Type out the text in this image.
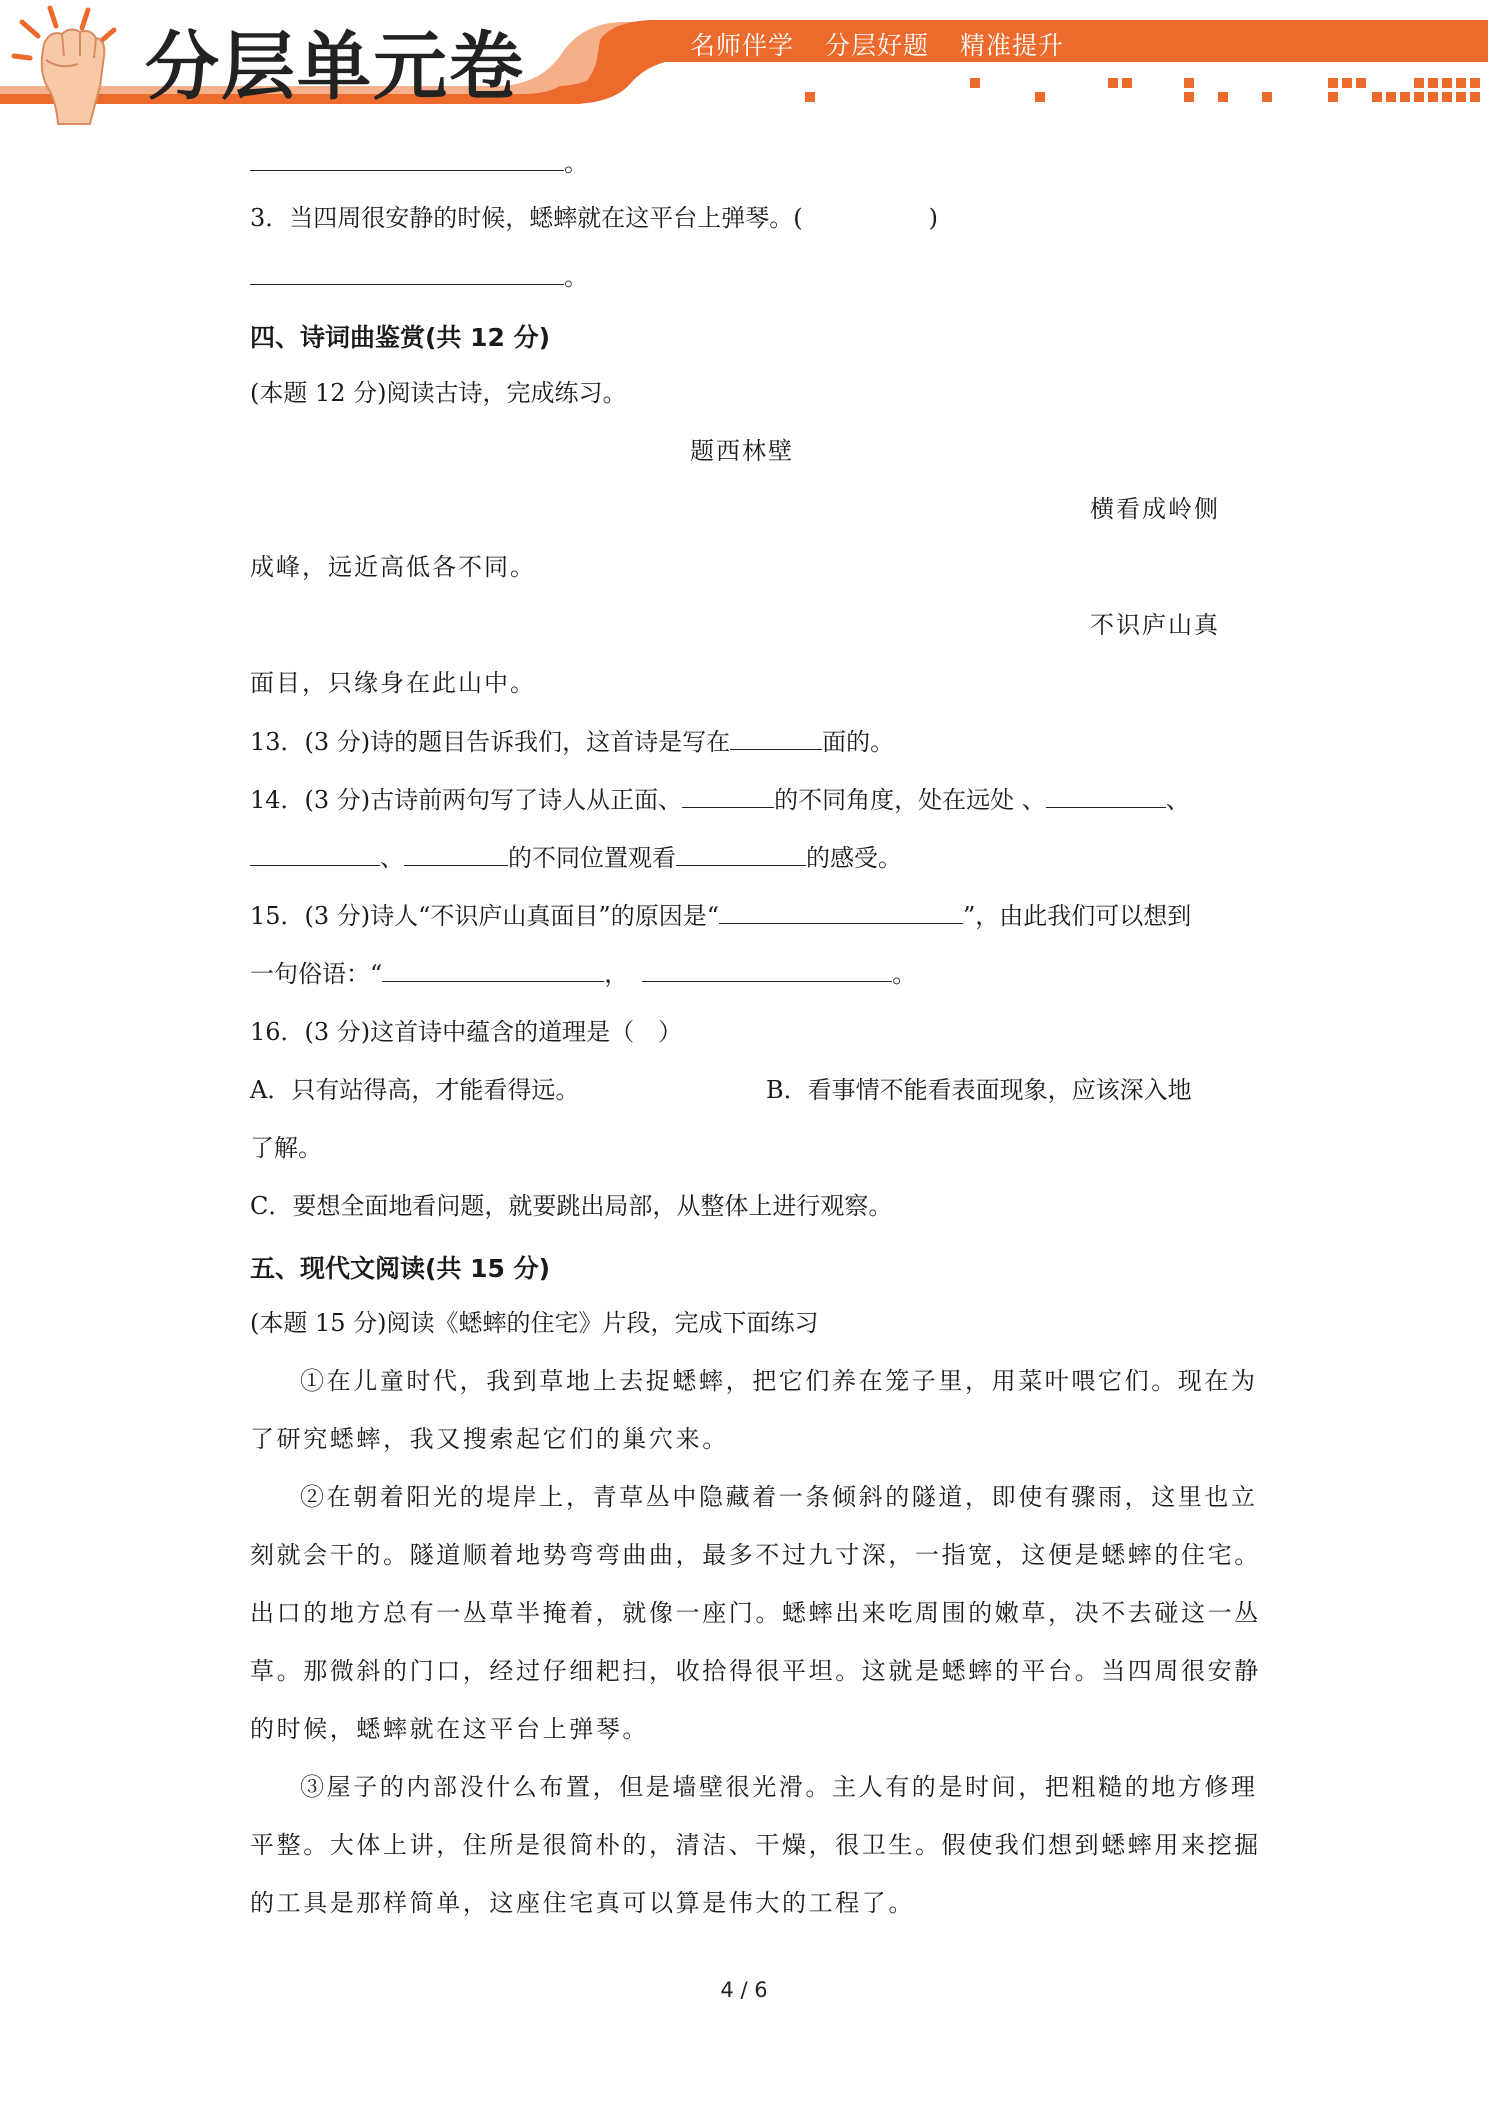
分层单元卷	名师伴学 分层好题 精准提升
。
3．当四周很安静的时候，蟋蟀就在这平台上弹琴。(	)
。
四、诗词曲鉴赏(共 12 分)
(本题 12 分)阅读古诗，完成练习。
题西林壁
横看成岭侧
成峰，远近高低各不同。
不识庐山真
面目，只缘身在此山中。
13．(3 分)诗的题目告诉我们，这首诗是写在	面的。
14．(3 分)古诗前两句写了诗人从正面、	的不同角度，处在远处 、	、
、	的不同位置观看	的感受。
15．(3 分)诗人“不识庐山真面目”的原因是“	”，由此我们可以想到
一句俗语：“	，	。
16．(3 分)这首诗中蕴含的道理是（　）
A．只有站得高，才能看得远。	B．看事情不能看表面现象，应该深入地
了解。
C．要想全面地看问题，就要跳出局部，从整体上进行观察。
五、现代文阅读(共 15 分)
(本题 15 分)阅读《蟋蟀的住宅》片段，完成下面练习
①在儿童时代，我到草地上去捉蟋蟀，把它们养在笼子里，用菜叶喂它们。现在为
了研究蟋蟀，我又搜索起它们的巢穴来。
②在朝着阳光的堤岸上，青草丛中隐藏着一条倾斜的隧道，即使有骤雨，这里也立
刻就会干的。隧道顺着地势弯弯曲曲，最多不过九寸深，一指宽，这便是蟋蟀的住宅。
出口的地方总有一丛草半掩着，就像一座门。蟋蟀出来吃周围的嫩草，决不去碰这一丛
草。那微斜的门口，经过仔细耙扫，收拾得很平坦。这就是蟋蟀的平台。当四周很安静
的时候，蟋蟀就在这平台上弹琴。
③屋子的内部没什么布置，但是墙壁很光滑。主人有的是时间，把粗糙的地方修理
平整。大体上讲，住所是很简朴的，清洁、干燥，很卫生。假使我们想到蟋蟀用来挖掘
的工具是那样简单，这座住宅真可以算是伟大的工程了。
4 / 6
